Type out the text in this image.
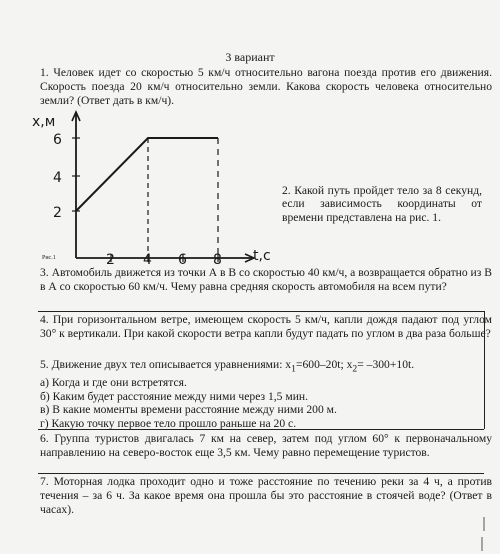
3 вариант
1. Человек идет со скоростью 5 км/ч относительно вагона поезда против его движения. Скорость поезда 20 км/ч относительно земли. Какова скорость человека относительно земли? (Ответ дать в км/ч).
x,м
2
4
6
Рис.1	2 4 6 8 t,c
2. Какой путь пройдет тело за 8 секунд, если зависимость координаты от времени представлена на рис. 1.
3. Автомобиль движется из точки А в В со скоростью 40 км/ч, а возвращается обратно из В в А со скоростью 60 км/ч. Чему равна средняя скорость автомобиля на всем пути?
4. При горизонтальном ветре, имеющем скорость 5 км/ч, капли дождя падают под углом 30° к вертикали. При какой скорости ветра капли будут падать по углом в два раза больше?
5. Движение двух тел описывается уравнениями: $x_1=600-20t$; $x_2= -300+10t$.
а) Когда и где они встретятся.
б) Каким будет расстояние между ними через 1,5 мин.
в) В какие моменты времени расстояние между ними 200 м.
г) Какую точку первое тело прошло раньше на 20 с.
6. Группа туристов двигалась 7 км на север, затем под углом 60° к первоначальному направлению на северо-восток еще 3,5 км. Чему равно перемещение туристов.
7. Моторная лодка проходит одно и тоже расстояние по течению реки за 4 ч, а против течения – за 6 ч. За какое время она прошла бы это расстояние в стоячей воде? (Ответ в часах).
